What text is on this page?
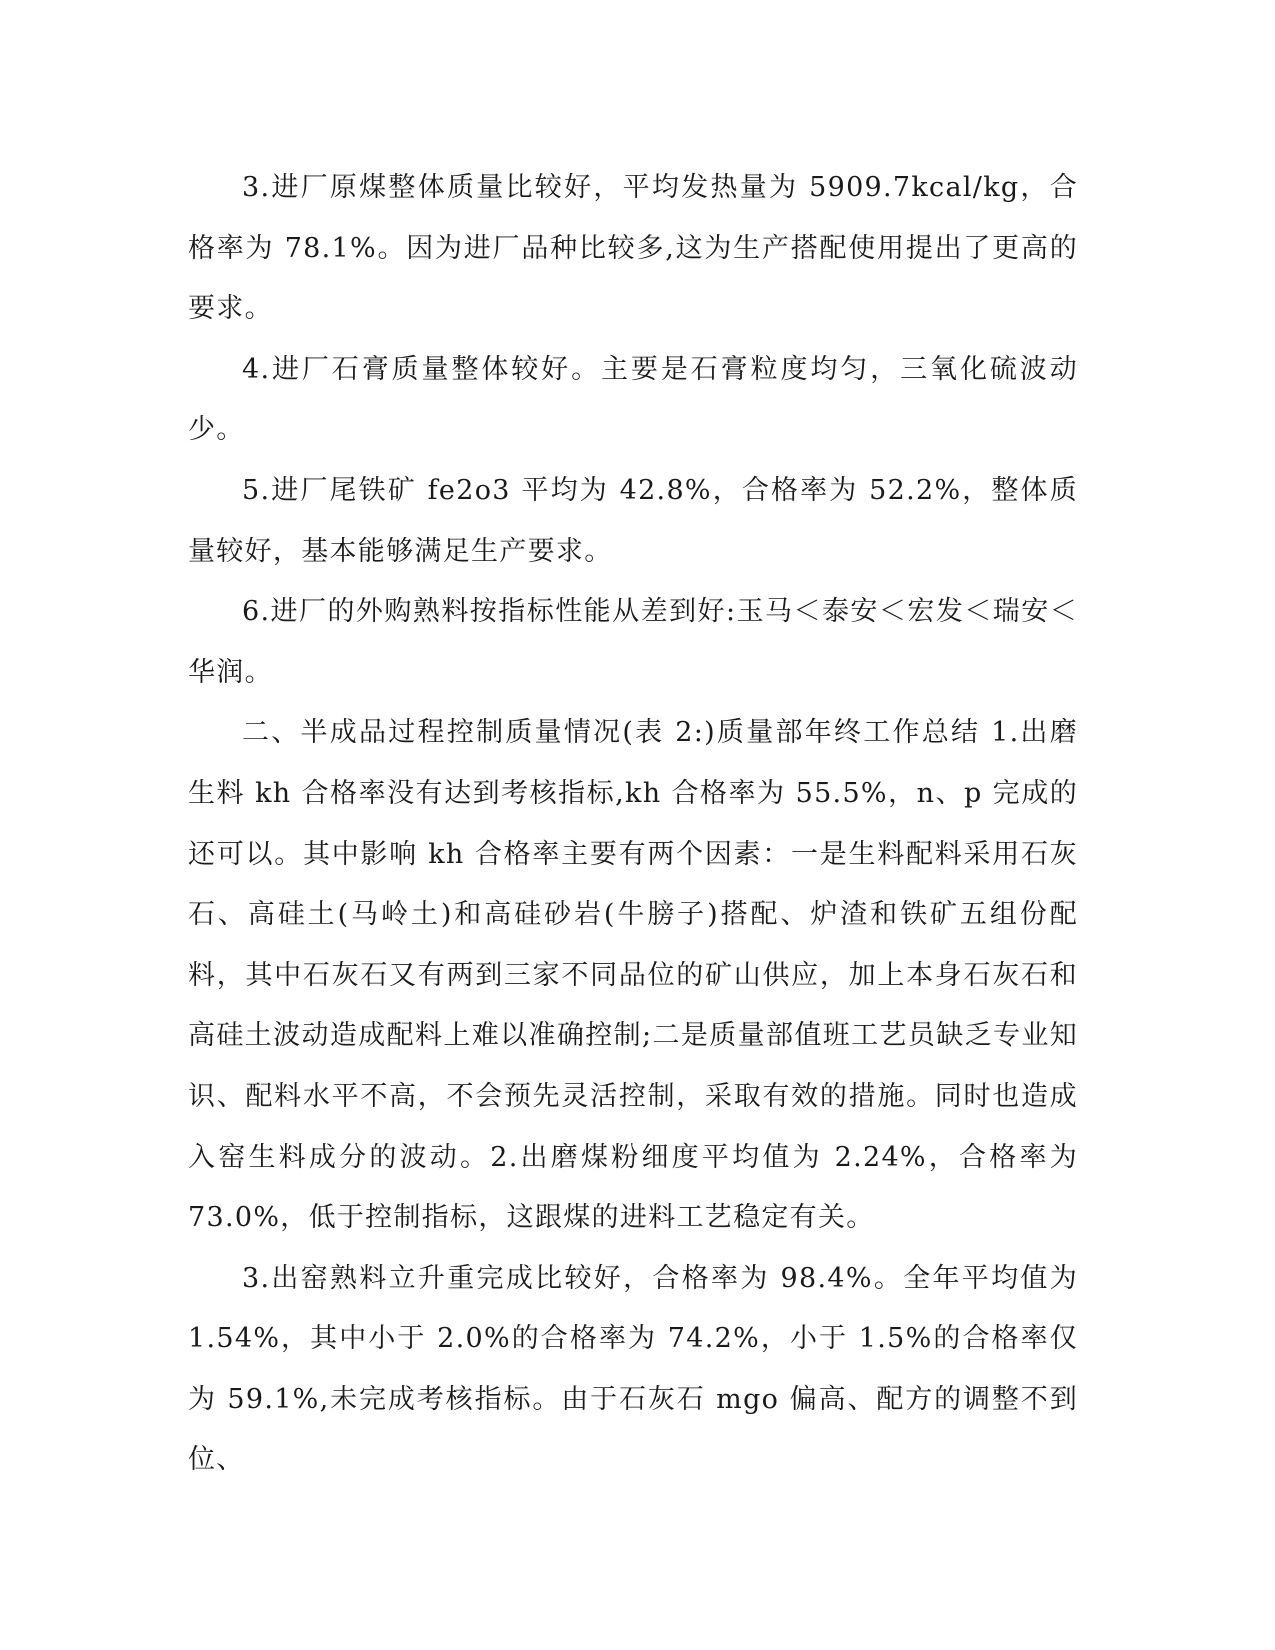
3.进厂原煤整体质量比较好，平均发热量为 5909.7kcal/kg，合格率为 78.1%。因为进厂品种比较多,这为生产搭配使用提出了更高的要求。

4.进厂石膏质量整体较好。主要是石膏粒度均匀，三氧化硫波动少。

5.进厂尾铁矿 fe2o3 平均为 42.8%，合格率为 52.2%，整体质量较好，基本能够满足生产要求。

6.进厂的外购熟料按指标性能从差到好:玉马＜泰安＜宏发＜瑞安＜华润。

二、半成品过程控制质量情况(表 2:)质量部年终工作总结 1.出磨生料 kh 合格率没有达到考核指标,kh 合格率为 55.5%，n、p 完成的还可以。其中影响 kh 合格率主要有两个因素：一是生料配料采用石灰石、高硅土(马岭土)和高硅砂岩(牛膀子)搭配、炉渣和铁矿五组份配料，其中石灰石又有两到三家不同品位的矿山供应，加上本身石灰石和高硅土波动造成配料上难以准确控制;二是质量部值班工艺员缺乏专业知识、配料水平不高，不会预先灵活控制，采取有效的措施。同时也造成入窑生料成分的波动。2.出磨煤粉细度平均值为 2.24%，合格率为 73.0%，低于控制指标，这跟煤的进料工艺稳定有关。

3.出窑熟料立升重完成比较好，合格率为 98.4%。全年平均值为 1.54%，其中小于 2.0%的合格率为 74.2%，小于 1.5%的合格率仅为 59.1%,未完成考核指标。由于石灰石 mgo 偏高、配方的调整不到位、
